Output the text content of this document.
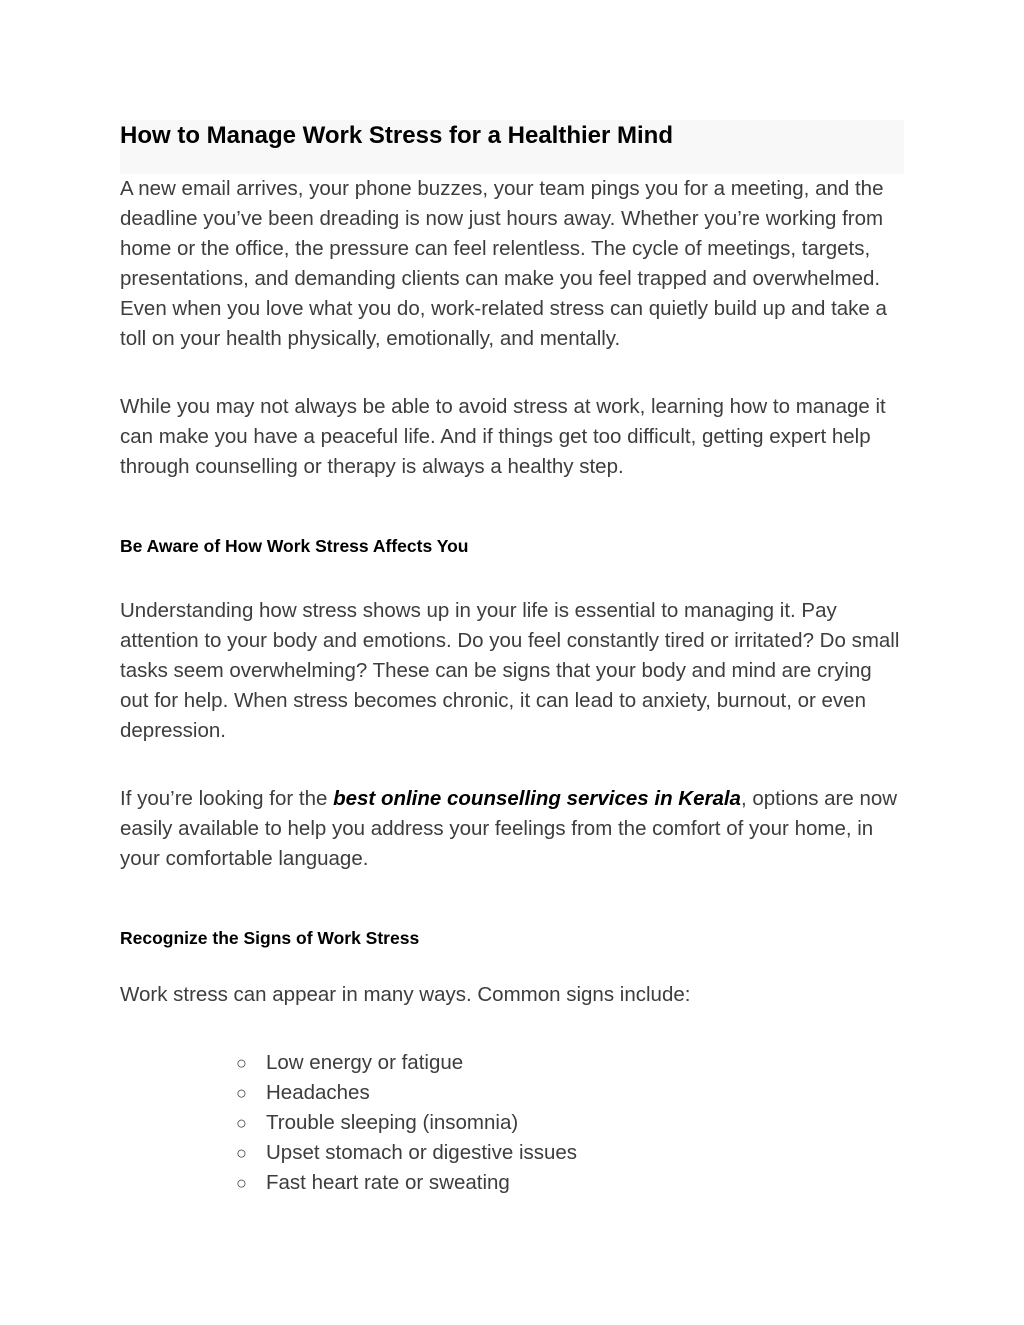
How to Manage Work Stress for a Healthier Mind

A new email arrives, your phone buzzes, your team pings you for a meeting, and the deadline you’ve been dreading is now just hours away. Whether you’re working from home or the office, the pressure can feel relentless. The cycle of meetings, targets, presentations, and demanding clients can make you feel trapped and overwhelmed. Even when you love what you do, work-related stress can quietly build up and take a toll on your health physically, emotionally, and mentally.

While you may not always be able to avoid stress at work, learning how to manage it can make you have a peaceful life. And if things get too difficult, getting expert help through counselling or therapy is always a healthy step.

Be Aware of How Work Stress Affects You

Understanding how stress shows up in your life is essential to managing it. Pay attention to your body and emotions. Do you feel constantly tired or irritated? Do small tasks seem overwhelming? These can be signs that your body and mind are crying out for help. When stress becomes chronic, it can lead to anxiety, burnout, or even depression.

If you’re looking for the best online counselling services in Kerala, options are now easily available to help you address your feelings from the comfort of your home, in your comfortable language.

Recognize the Signs of Work Stress

Work stress can appear in many ways. Common signs include:

○ Low energy or fatigue
○ Headaches
○ Trouble sleeping (insomnia)
○ Upset stomach or digestive issues
○ Fast heart rate or sweating
